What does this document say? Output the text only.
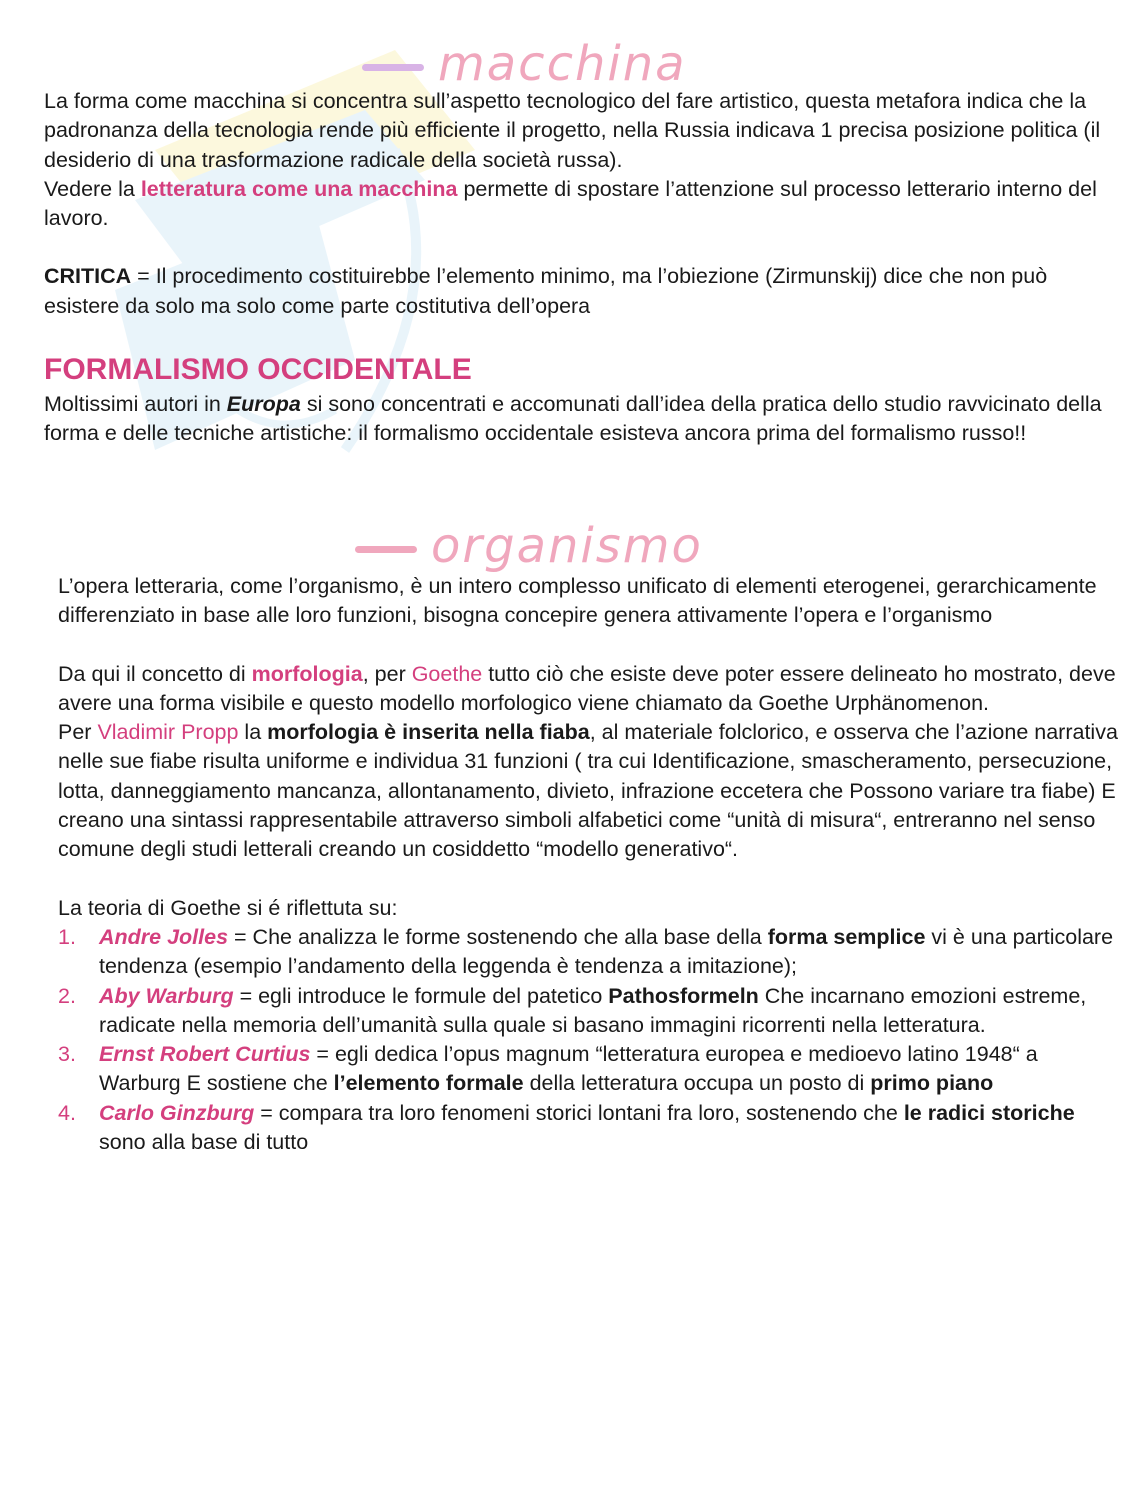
macchina

La forma come macchina si concentra sull’aspetto tecnologico del fare artistico, questa metafora indica che la padronanza della tecnologia rende più efficiente il progetto, nella Russia indicava 1 precisa posizione politica (il desiderio di una trasformazione radicale della società russa).

Vedere la letteratura come una macchina permette di spostare l’attenzione sul processo letterario interno del lavoro.

CRITICA = Il procedimento costituirebbe l’elemento minimo, ma l’obiezione (Zirmunskij) dice che non può esistere da solo ma solo come parte costitutiva dell’opera

FORMALISMO OCCIDENTALE

Moltissimi autori in Europa si sono concentrati e accomunati dall’idea della pratica dello studio ravvicinato della forma e delle tecniche artistiche: il formalismo occidentale esisteva ancora prima del formalismo russo!!

organismo

L’opera letteraria, come l’organismo, è un intero complesso unificato di elementi eterogenei, gerarchicamente differenziato in base alle loro funzioni, bisogna concepire genera attivamente l’opera e l’organismo

Da qui il concetto di morfologia, per Goethe tutto ciò che esiste deve poter essere delineato ho mostrato, deve avere una forma visibile e questo modello morfologico viene chiamato da Goethe Urphänomenon.

Per Vladimir Propp la morfologia è inserita nella fiaba, al materiale folclorico, e osserva che l’azione narrativa nelle sue fiabe risulta uniforme e individua 31 funzioni ( tra cui Identificazione, smascheramento, persecuzione, lotta, danneggiamento mancanza, allontanamento, divieto, infrazione eccetera che Possono variare tra fiabe) E creano una sintassi rappresentabile attraverso simboli alfabetici come “unità di misura“, entreranno nel senso comune degli studi letterali creando un cosiddetto “modello generativo“.

La teoria di Goethe si é riflettuta su:

1. Andre Jolles = Che analizza le forme sostenendo che alla base della forma semplice vi è una particolare tendenza (esempio l’andamento della leggenda è tendenza a imitazione);
2. Aby Warburg = egli introduce le formule del patetico Pathosformeln Che incarnano emozioni estreme, radicate nella memoria dell’umanità sulla quale si basano immagini ricorrenti nella letteratura.
3. Ernst Robert Curtius = egli dedica l’opus magnum “letteratura europea e medioevo latino 1948“ a Warburg E sostiene che l’elemento formale della letteratura occupa un posto di primo piano
4. Carlo Ginzburg = compara tra loro fenomeni storici lontani fra loro, sostenendo che le radici storiche sono alla base di tutto
